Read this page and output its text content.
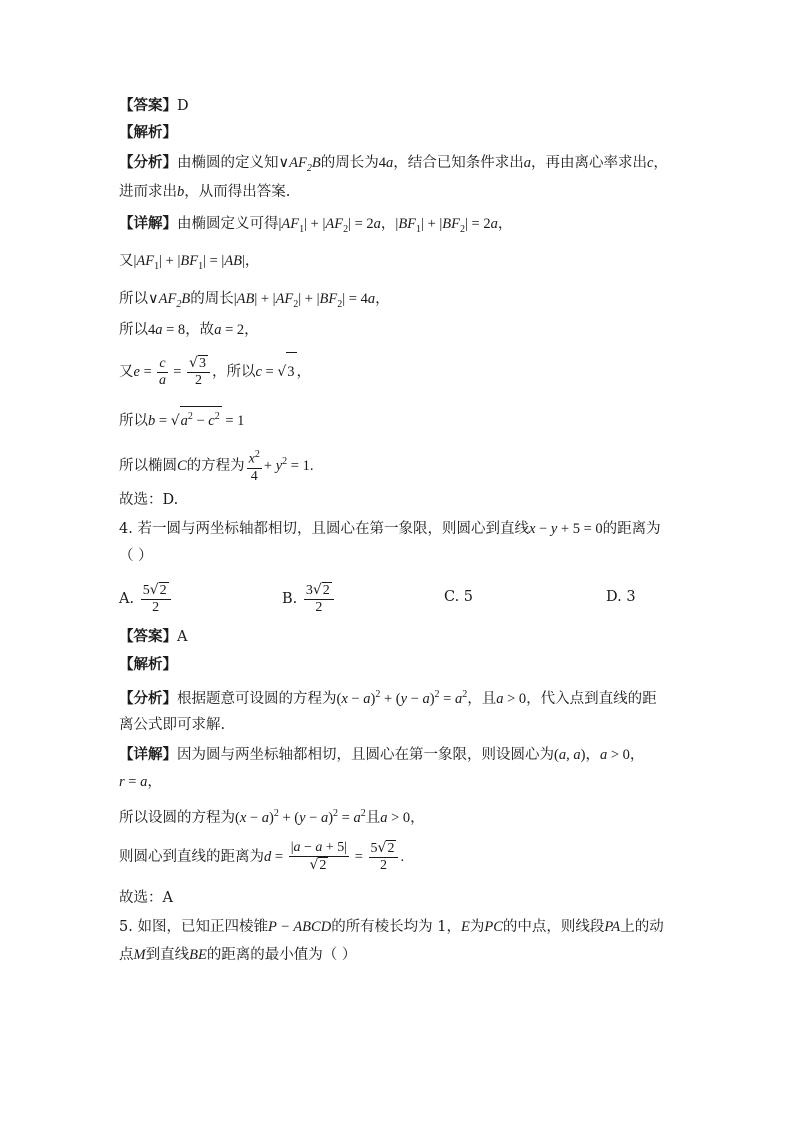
【答案】D
【解析】
【分析】由椭圆的定义知$\vee AF_2B$的周长为4a，结合已知条件求出a，再由离心率求出c，
进而求出b，从而得出答案.
【详解】由椭圆定义可得$|AF_1| + |AF_2| = 2a$，$|BF_1| + |BF_2| = 2a$，
又$|AF_1| + |BF_1| = |AB|$，
所以$\vee AF_2B$的周长$|AB| + |AF_2| + |BF_2| = 4a$，
所以4a = 8，故a = 2，
又$e = \frac{c}{a} = \frac{√3}{2}$ ，所以c = √3 ，
所以$b = √a^2 - c^2 = 1$
所以椭圆C的方程为 $\frac{x^2}{4} + y^2 = 1$.
故选：D.
4. 若一圆与两坐标轴都相切，且圆心在第一象限，则圆心到直线x − y + 5 = 0的距离为
（ ）
A. $\frac{5√2}{2}$	B. $\frac{3√2}{2}$	C. 5	D. 3
【答案】A
【解析】
【分析】根据题意可设圆的方程为$(x - a)^2 + (y - a)^2 = a^2$，且a > 0，代入点到直线的距
离公式即可求解.
【详解】因为圆与两坐标轴都相切，且圆心在第一象限，则设圆心为(a, a)，a > 0，
r = a，
所以设圆的方程为$(x - a)^2 + (y - a)^2 = a^2$且a > 0，
则圆心到直线的距离为$d = \frac{|a - a + 5|}{√2} = \frac{5√2}{2}$ .
故选：A
5. 如图，已知正四棱锥P − ABCD的所有棱长均为 1，E为PC的中点，则线段PA上的动
点M到直线BE的距离的最小值为（ ）
